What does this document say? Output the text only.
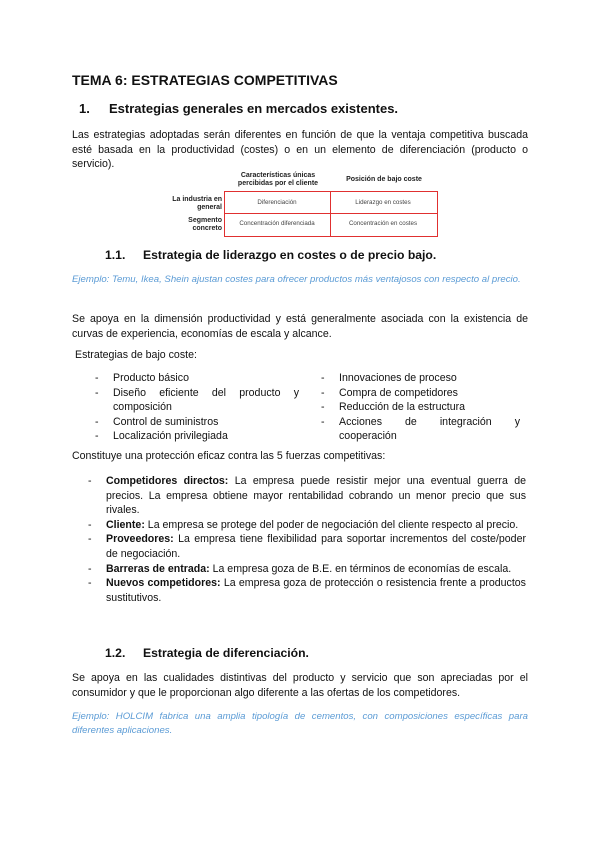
TEMA 6: ESTRATEGIAS COMPETITIVAS
1. Estrategias generales en mercados existentes.

Las estrategias adoptadas serán diferentes en función de que la ventaja competitiva buscada esté basada en la productividad (costes) o en un elemento de diferenciación (producto o servicio).

Características únicas percibidas por el cliente
Posición de bajo coste
La industria en general
Segmento concreto
Diferenciación	Liderazgo en costes
Concentración diferenciada	Concentración en costes
1.1. Estrategia de liderazgo en costes o de precio bajo.

Ejemplo: Temu, Ikea, Shein ajustan costes para ofrecer productos más ventajosos con respecto al precio.

Se apoya en la dimensión productividad y está generalmente asociada con la existencia de curvas de experiencia, economías de escala y alcance.

Estrategias de bajo coste:

- Producto básico
- Diseño eficiente del producto y composición
- Control de suministros
- Localización privilegiada
- Innovaciones de proceso
- Compra de competidores
- Reducción de la estructura
- Acciones de integración y cooperación

Constituye una protección eficaz contra las 5 fuerzas competitivas:

- Competidores directos: La empresa puede resistir mejor una eventual guerra de precios. La empresa obtiene mayor rentabilidad cobrando un menor precio que sus rivales.
- Cliente: La empresa se protege del poder de negociación del cliente respecto al precio.
- Proveedores: La empresa tiene flexibilidad para soportar incrementos del coste/poder de negociación.
- Barreras de entrada: La empresa goza de B.E. en términos de economías de escala.
- Nuevos competidores: La empresa goza de protección o resistencia frente a productos sustitutivos.
1.2. Estrategia de diferenciación.

Se apoya en las cualidades distintivas del producto y servicio que son apreciadas por el consumidor y que le proporcionan algo diferente a las ofertas de los competidores.

Ejemplo: HOLCIM fabrica una amplia tipología de cementos, con composiciones específicas para diferentes aplicaciones.
